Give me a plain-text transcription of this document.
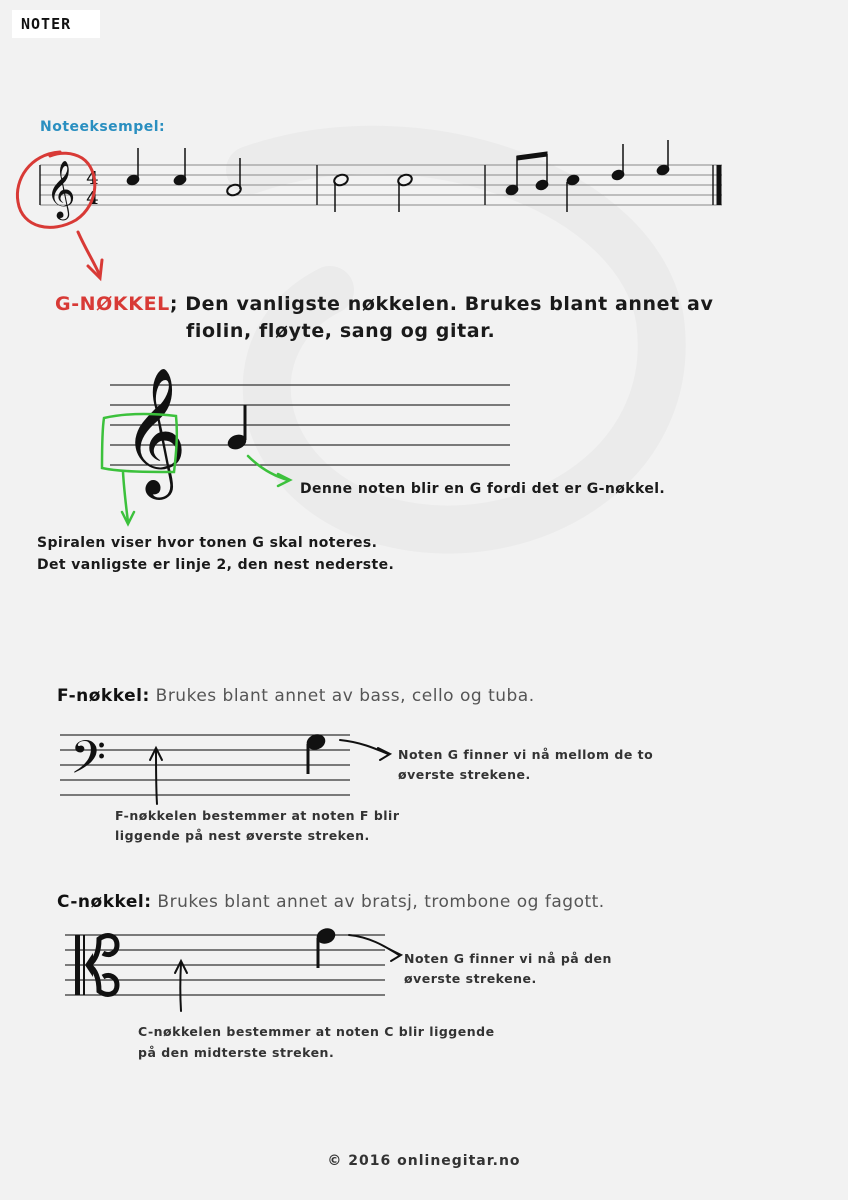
NOTER
Noteeksempel:
𝄞 4
4
G-NØKKEL; Den vanligste nøkkelen. Brukes blant annet av
fiolin, fløyte, sang og gitar.
𝄞	Denne noten blir en G fordi det er G-nøkkel.
Spiralen viser hvor tonen G skal noteres.
Det vanligste er linje 2, den nest nederste.
F-nøkkel: Brukes blant annet av bass, cello og tuba.
𝄢	Noten G finner vi nå mellom de to
øverste strekene.
F-nøkkelen bestemmer at noten F blir
liggende på nest øverste streken.
C-nøkkel: Brukes blant annet av bratsj, trombone og fagott.
Noten G finner vi nå på den
øverste strekene.
C-nøkkelen bestemmer at noten C blir liggende
på den midterste streken.
© 2016 onlinegitar.no
